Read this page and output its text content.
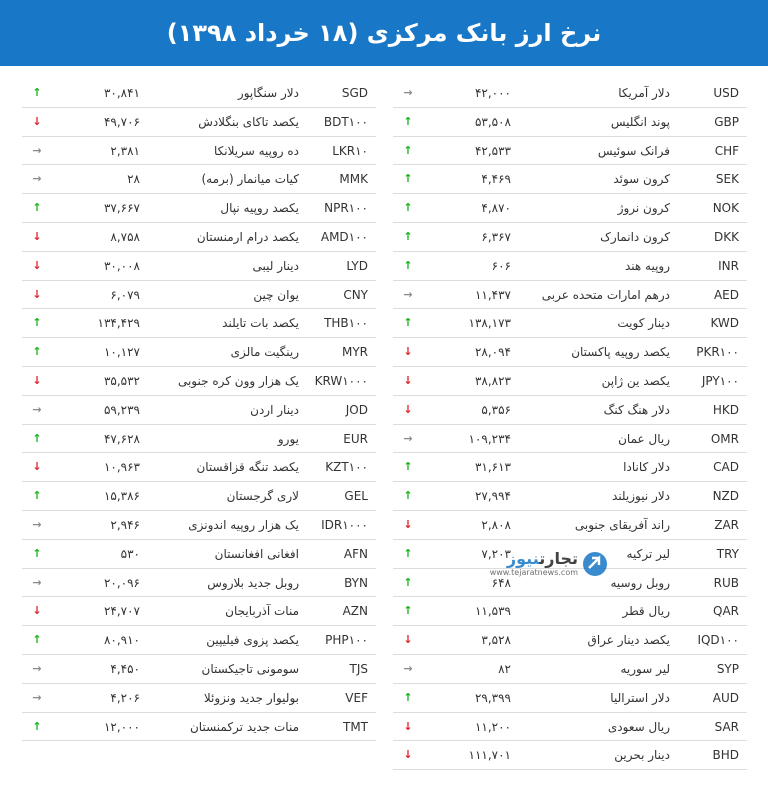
نرخ ارز بانک مرکزی (۱۸ خرداد ۱۳۹۸)
USD
دلار آمریکا
۴۲,۰۰۰
→
GBP
پوند انگلیس
۵۳,۵۰۸
↑
CHF
فرانک سوئیس
۴۲,۵۳۳
↑
SEK
کرون سوئد
۴,۴۶۹
↑
NOK
کرون نروژ
۴,۸۷۰
↑
DKK
کرون دانمارک
۶,۳۶۷
↑
INR
روپیه هند
۶۰۶
↑
AED
درهم امارات متحده عربی
۱۱,۴۳۷
→
KWD
دینار کویت
۱۳۸,۱۷۳
↑
PKR۱۰۰
یکصد روپیه پاکستان
۲۸,۰۹۴
↓
JPY۱۰۰
یکصد ین ژاپن
۳۸,۸۲۳
↓
HKD
دلار هنگ کنگ
۵,۳۵۶
↓
OMR
ریال عمان
۱۰۹,۲۳۴
→
CAD
دلار کانادا
۳۱,۶۱۳
↑
NZD
دلار نیوزیلند
۲۷,۹۹۴
↑
ZAR
راند آفریقای جنوبی
۲,۸۰۸
↓
TRY
لیر ترکیه
۷,۲۰۳
↑
RUB
روبل روسیه
۶۴۸
↑
QAR
ریال قطر
۱۱,۵۳۹
↑
IQD۱۰۰
یکصد دینار عراق
۳,۵۲۸
↓
SYP
لیر سوریه
۸۲
→
AUD
دلار استرالیا
۲۹,۳۹۹
↑
SAR
ریال سعودی
۱۱,۲۰۰
↓
BHD
دینار بحرین
۱۱۱,۷۰۱
↓
SGD
دلار سنگاپور
۳۰,۸۴۱
↑
BDT۱۰۰
یکصد تاکای بنگلادش
۴۹,۷۰۶
↓
LKR۱۰
ده روپیه سریلانکا
۲,۳۸۱
→
MMK
کیات میانمار (برمه)
۲۸
→
NPR۱۰۰
یکصد روپیه نپال
۳۷,۶۶۷
↑
AMD۱۰۰
یکصد درام ارمنستان
۸,۷۵۸
↓
LYD
دینار لیبی
۳۰,۰۰۸
↓
CNY
یوان چین
۶,۰۷۹
↓
THB۱۰۰
یکصد بات تایلند
۱۳۴,۴۲۹
↑
MYR
رینگیت مالزی
۱۰,۱۲۷
↑
KRW۱۰۰۰
یک هزار وون کره جنوبی
۳۵,۵۳۲
↓
JOD
دینار اردن
۵۹,۲۳۹
→
EUR
یورو
۴۷,۶۲۸
↑
KZT۱۰۰
یکصد تنگه قزاقستان
۱۰,۹۶۳
↓
GEL
لاری گرجستان
۱۵,۳۸۶
↑
IDR۱۰۰۰
یک هزار روپیه اندونزی
۲,۹۴۶
→
AFN
افغانی افغانستان
۵۳۰
↑
BYN
روبل جدید بلاروس
۲۰,۰۹۶
→
AZN
منات آذربایجان
۲۴,۷۰۷
↓
PHP۱۰۰
یکصد پزوی فیلیپین
۸۰,۹۱۰
↑
TJS
سومونی تاجیکستان
۴,۴۵۰
→
VEF
بولیوار جدید ونزوئلا
۴,۲۰۶
→
TMT
منات جدید ترکمنستان
۱۲,۰۰۰
↑
تجارتنیوز
www.tejaratnews.com
